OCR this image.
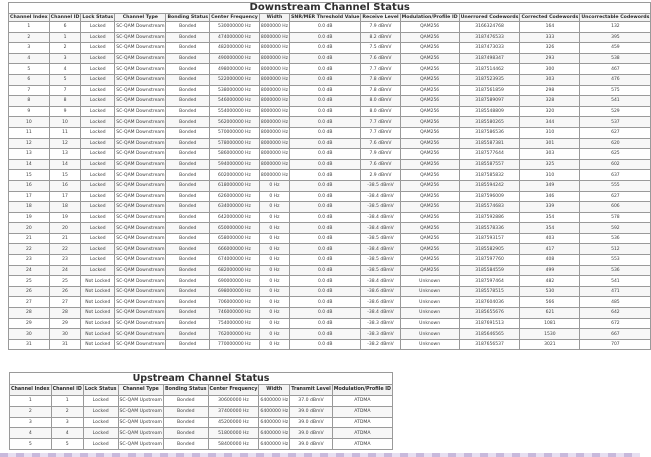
Downstream Channel Status												
Channel Index	Channel ID	Lock Status	Channel Type	Bonding Status	Center Frequency	Width	SNR/MER Threshold Value	Receive Level	Modulation/Profile ID	Unerrored Codewords	Corrected Codewords	Uncorrectable Codewords
1	6	Locked	SC-QAM Downstream	Bonded	530000000 Hz	8000000 Hz	0.0 dB	7.9 dBmV	QAM256	3166324768	164	132
2	1	Locked	SC-QAM Downstream	Bonded	474000000 Hz	8000000 Hz	0.0 dB	8.2 dBmV	QAM256	3187476533	333	395
3	2	Locked	SC-QAM Downstream	Bonded	482000000 Hz	8000000 Hz	0.0 dB	7.5 dBmV	QAM256	3187473033	326	459
4	3	Locked	SC-QAM Downstream	Bonded	490000000 Hz	8000000 Hz	0.0 dB	7.6 dBmV	QAM256	3187498347	293	538
5	4	Locked	SC-QAM Downstream	Bonded	498000000 Hz	8000000 Hz	0.0 dB	7.7 dBmV	QAM256	3187514462	300	467
6	5	Locked	SC-QAM Downstream	Bonded	522000000 Hz	8000000 Hz	0.0 dB	7.8 dBmV	QAM256	3187523935	303	476
7	7	Locked	SC-QAM Downstream	Bonded	538000000 Hz	8000000 Hz	0.0 dB	7.8 dBmV	QAM256	3187561859	298	575
8	8	Locked	SC-QAM Downstream	Bonded	546000000 Hz	8000000 Hz	0.0 dB	8.0 dBmV	QAM256	3187589097	328	541
9	9	Locked	SC-QAM Downstream	Bonded	554000000 Hz	8000000 Hz	0.0 dB	8.0 dBmV	QAM256	3185548809	320	529
10	10	Locked	SC-QAM Downstream	Bonded	562000000 Hz	8000000 Hz	0.0 dB	7.7 dBmV	QAM256	3185580265	344	537
11	11	Locked	SC-QAM Downstream	Bonded	570000000 Hz	8000000 Hz	0.0 dB	7.7 dBmV	QAM256	3187586536	310	627
12	12	Locked	SC-QAM Downstream	Bonded	578000000 Hz	8000000 Hz	0.0 dB	7.6 dBmV	QAM256	3185587381	301	620
13	13	Locked	SC-QAM Downstream	Bonded	586000000 Hz	8000000 Hz	0.0 dB	7.9 dBmV	QAM256	3187577644	303	625
14	14	Locked	SC-QAM Downstream	Bonded	594000000 Hz	8000000 Hz	0.0 dB	7.6 dBmV	QAM256	3185587557	325	602
15	15	Locked	SC-QAM Downstream	Bonded	602000000 Hz	8000000 Hz	0.0 dB	2.9 dBmV	QAM256	3187585832	310	637
16	16	Locked	SC-QAM Downstream	Bonded	618000000 Hz	0 Hz	0.0 dB	-38.5 dBmV	QAM256	3185594242	349	555
17	17	Locked	SC-QAM Downstream	Bonded	626000000 Hz	0 Hz	0.0 dB	-38.4 dBmV	QAM256	3187596009	346	627
18	18	Locked	SC-QAM Downstream	Bonded	634000000 Hz	0 Hz	0.0 dB	-38.5 dBmV	QAM256	3185574683	339	606
19	19	Locked	SC-QAM Downstream	Bonded	642000000 Hz	0 Hz	0.0 dB	-38.4 dBmV	QAM256	3187592886	354	578
20	20	Locked	SC-QAM Downstream	Bonded	650000000 Hz	0 Hz	0.0 dB	-38.4 dBmV	QAM256	3185578336	354	592
21	21	Locked	SC-QAM Downstream	Bonded	658000000 Hz	0 Hz	0.0 dB	-38.5 dBmV	QAM256	3187593157	403	536
22	22	Locked	SC-QAM Downstream	Bonded	666000000 Hz	0 Hz	0.0 dB	-38.4 dBmV	QAM256	3185582905	417	512
23	23	Locked	SC-QAM Downstream	Bonded	674000000 Hz	0 Hz	0.0 dB	-38.5 dBmV	QAM256	3187597760	408	553
24	24	Locked	SC-QAM Downstream	Bonded	682000000 Hz	0 Hz	0.0 dB	-38.5 dBmV	QAM256	3185584559	499	536
25	25	Not Locked	SC-QAM Downstream	Bonded	690000000 Hz	0 Hz	0.0 dB	-38.4 dBmV	Unknown	3187597464	482	541
26	26	Not Locked	SC-QAM Downstream	Bonded	698000000 Hz	0 Hz	0.0 dB	-38.6 dBmV	Unknown	3185578515	530	471
27	27	Not Locked	SC-QAM Downstream	Bonded	706000000 Hz	0 Hz	0.0 dB	-38.6 dBmV	Unknown	3187604036	566	485
28	28	Not Locked	SC-QAM Downstream	Bonded	746000000 Hz	0 Hz	0.0 dB	-38.4 dBmV	Unknown	3185655676	621	642
29	29	Not Locked	SC-QAM Downstream	Bonded	754000000 Hz	0 Hz	0.0 dB	-38.3 dBmV	Unknown	3187691513	1081	672
30	30	Not Locked	SC-QAM Downstream	Bonded	762000000 Hz	0 Hz	0.0 dB	-38.3 dBmV	Unknown	3185646565	1530	667
31	31	Not Locked	SC-QAM Downstream	Bonded	770000000 Hz	0 Hz	0.0 dB	-38.2 dBmV	Unknown	3187656537	3021	707
Upstream Channel Status								
Channel Index	Channel ID	Lock Status	Channel Type	Bonding Status	Center Frequency	Width	Transmit Level	Modulation/Profile ID
1	1	Locked	SC-QAM Upstream	Bonded	30600000 Hz	6400000 Hz	37.0 dBmV	ATDMA
2	2	Locked	SC-QAM Upstream	Bonded	37400000 Hz	6400000 Hz	39.0 dBmV	ATDMA
3	3	Locked	SC-QAM Upstream	Bonded	45200000 Hz	6400000 Hz	39.0 dBmV	ATDMA
4	4	Locked	SC-QAM Upstream	Bonded	51800000 Hz	6400000 Hz	39.0 dBmV	ATDMA
5	5	Locked	SC-QAM Upstream	Bonded	58400000 Hz	6400000 Hz	39.0 dBmV	ATDMA
